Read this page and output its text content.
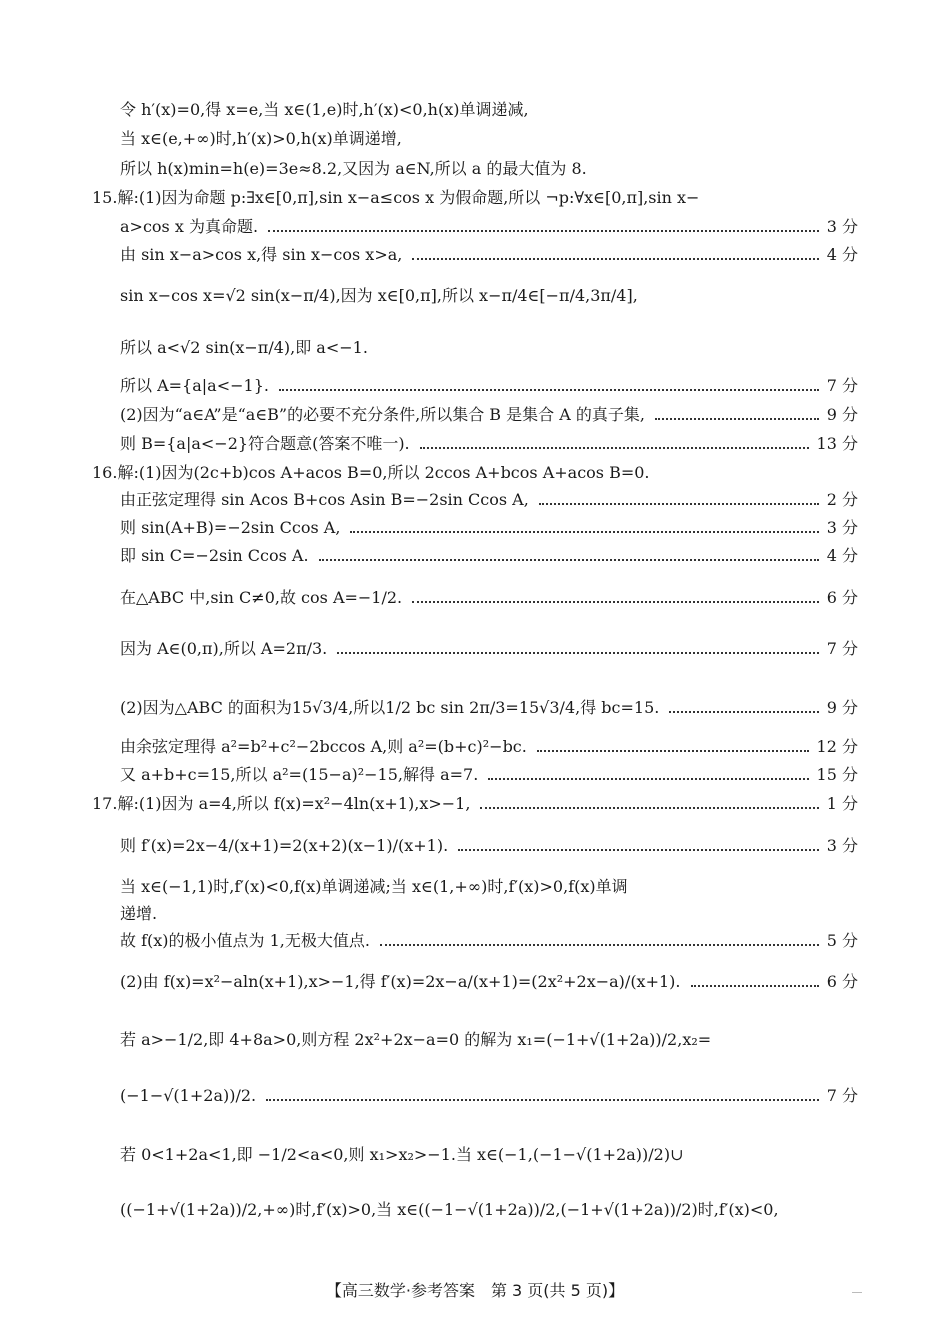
令 h′(x)=0,得 x=e,当 x∈(1,e)时,h′(x)<0,h(x)单调递减,
当 x∈(e,+∞)时,h′(x)>0,h(x)单调递增,
所以 h(x)min=h(e)=3e≈8.2,又因为 a∈N,所以 a 的最大值为 8.
15.解:(1)因为命题 p:∃x∈[0,π],sin x−a≤cos x 为假命题,所以 ¬p:∀x∈[0,π],sin x−
a>cos x 为真命题.	3 分
由 sin x−a>cos x,得 sin x−cos x>a,	4 分
sin x−cos x=√2 sin(x−π/4),因为 x∈[0,π],所以 x−π/4∈[−π/4,3π/4],
所以 a<√2 sin(x−π/4),即 a<−1.
所以 A={a|a<−1}.	7 分
(2)因为“a∈A”是“a∈B”的必要不充分条件,所以集合 B 是集合 A 的真子集,	9 分
则 B={a|a<−2}符合题意(答案不唯一).	13 分
16.解:(1)因为(2c+b)cos A+acos B=0,所以 2ccos A+bcos A+acos B=0.
由正弦定理得 sin Acos B+cos Asin B=−2sin Ccos A,	2 分
则 sin(A+B)=−2sin Ccos A,	3 分
即 sin C=−2sin Ccos A.	4 分
在△ABC 中,sin C≠0,故 cos A=−1/2.	6 分
因为 A∈(0,π),所以 A=2π/3.	7 分
(2)因为△ABC 的面积为15√3/4,所以1/2 bc sin 2π/3=15√3/4,得 bc=15.	9 分
由余弦定理得 a²=b²+c²−2bccos A,则 a²=(b+c)²−bc.	12 分
又 a+b+c=15,所以 a²=(15−a)²−15,解得 a=7.	15 分
17.解:(1)因为 a=4,所以 f(x)=x²−4ln(x+1),x>−1,	1 分
则 f′(x)=2x−4/(x+1)=2(x+2)(x−1)/(x+1).	3 分
当 x∈(−1,1)时,f′(x)<0,f(x)单调递减;当 x∈(1,+∞)时,f′(x)>0,f(x)单调
递增.
故 f(x)的极小值点为 1,无极大值点.	5 分
(2)由 f(x)=x²−aln(x+1),x>−1,得 f′(x)=2x−a/(x+1)=(2x²+2x−a)/(x+1).	6 分
若 a>−1/2,即 4+8a>0,则方程 2x²+2x−a=0 的解为 x₁=(−1+√(1+2a))/2,x₂=
(−1−√(1+2a))/2.	7 分
若 0<1+2a<1,即 −1/2<a<0,则 x₁>x₂>−1.当 x∈(−1,(−1−√(1+2a))/2)∪
((−1+√(1+2a))/2,+∞)时,f′(x)>0,当 x∈((−1−√(1+2a))/2,(−1+√(1+2a))/2)时,f′(x)<0,
【高三数学·参考答案　第 3 页(共 5 页)】
